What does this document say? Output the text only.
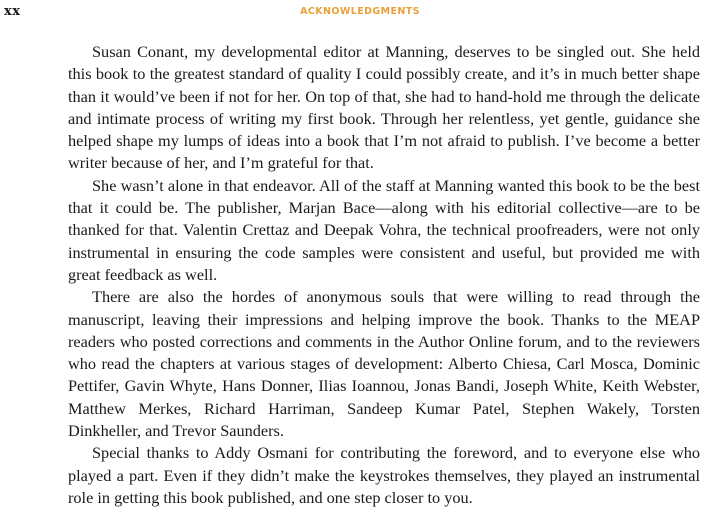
xx	ACKNOWLEDGMENTS

Susan Conant, my developmental editor at Manning, deserves to be singled out. She held this book to the greatest standard of quality I could possibly create, and it’s in much better shape than it would’ve been if not for her. On top of that, she had to hand-hold me through the delicate and intimate process of writing my first book. Through her relentless, yet gentle, guidance she helped shape my lumps of ideas into a book that I’m not afraid to publish. I’ve become a better writer because of her, and I’m grateful for that.

She wasn’t alone in that endeavor. All of the staff at Manning wanted this book to be the best that it could be. The publisher, Marjan Bace—along with his editorial collective—are to be thanked for that. Valentin Crettaz and Deepak Vohra, the technical proofreaders, were not only instrumental in ensuring the code samples were consistent and useful, but provided me with great feedback as well.

There are also the hordes of anonymous souls that were willing to read through the manuscript, leaving their impressions and helping improve the book. Thanks to the MEAP readers who posted corrections and comments in the Author Online forum, and to the reviewers who read the chapters at various stages of development: Alberto Chiesa, Carl Mosca, Dominic Pettifer, Gavin Whyte, Hans Donner, Ilias Ioannou, Jonas Bandi, Joseph White, Keith Webster, Matthew Merkes, Richard Harriman, Sandeep Kumar Patel, Stephen Wakely, Torsten Dinkheller, and Trevor Saunders.

Special thanks to Addy Osmani for contributing the foreword, and to everyone else who played a part. Even if they didn’t make the keystrokes themselves, they played an instrumental role in getting this book published, and one step closer to you.
